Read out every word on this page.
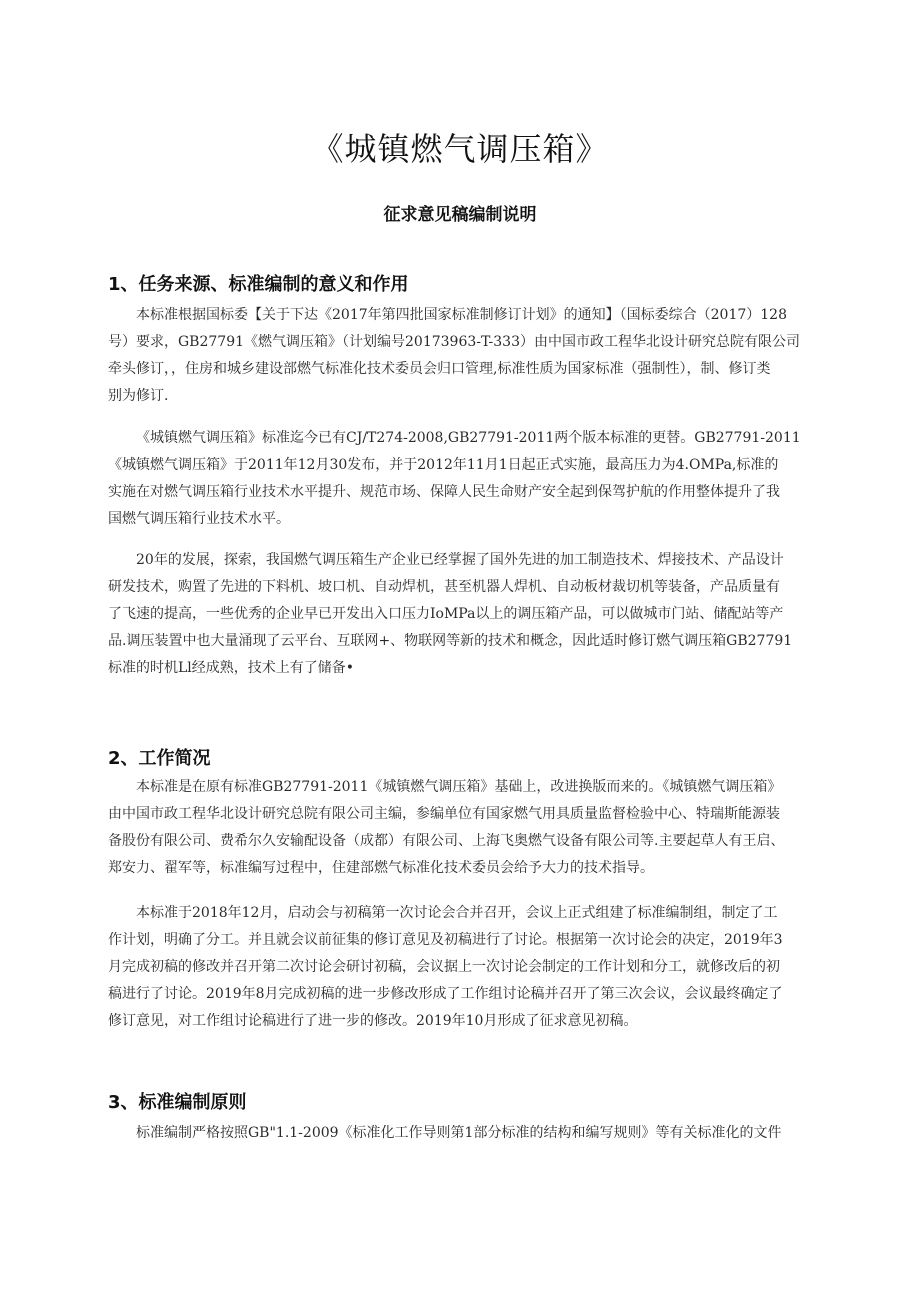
《城镇燃气调压箱》
征求意见稿编制说明
1、任务来源、标准编制的意义和作用

本标准根据国标委【关于下达《2017年第四批国家标准制修订计划》的通知】（国标委综合（2017）128
号）要求，GB27791《燃气调压箱》（计划编号20173963-T-333）由中国市政工程华北设计研究总院有限公司
牵头修订，，住房和城乡建设部燃气标准化技术委员会归口管理,标准性质为国家标准（强制性），制、修订类
别为修订.

《城镇燃气调压箱》标准迄今已有CJ/T274-2008,GB27791-2011两个版本标准的更替。GB27791-2011
《城镇燃气调压箱》于2011年12月30发布，并于2012年11月1日起正式实施，最高压力为4.OMPa,标准的
实施在对燃气调压箱行业技术水平提升、规范市场、保障人民生命财产安全起到保驾护航的作用整体提升了我
国燃气调压箱行业技术水平。

20年的发展，探索，我国燃气调压箱生产企业已经掌握了国外先进的加工制造技术、焊接技术、产品设计
研发技术，购置了先进的下料机、坡口机、自动焊机，甚至机器人焊机、自动板材裁切机等装备，产品质量有
了飞速的提高，一些优秀的企业早已开发出入口压力IoMPa以上的调压箱产品，可以做城市门站、储配站等产
品.调压装置中也大量涌现了云平台、互联网+、物联网等新的技术和概念，因此适时修订燃气调压箱GB27791
标准的时机Ll经成熟，技术上有了储备•

2、工作简况

本标准是在原有标准GB27791-2011《城镇燃气调压箱》基础上，改进换版而来的。《城镇燃气调压箱》
由中国市政工程华北设计研究总院有限公司主编，参编单位有国家燃气用具质量监督检验中心、特瑞斯能源装
备股份有限公司、费希尔久安输配设备（成都）有限公司、上海飞奥燃气设备有限公司等.主要起草人有王启、
郑安力、翟军等，标准编写过程中，住建部燃气标准化技术委员会给予大力的技术指导。

本标准于2018年12月，启动会与初稿第一次讨论会合并召开，会议上正式组建了标准编制组，制定了工
作计划，明确了分工。并且就会议前征集的修订意见及初稿进行了讨论。根据第一次讨论会的决定，2019年3
月完成初稿的修改并召开第二次讨论会研讨初稿，会议据上一次讨论会制定的工作计划和分工，就修改后的初
稿进行了讨论。2019年8月完成初稿的进一步修改形成了工作组讨论稿并召开了第三次会议，会议最终确定了
修订意见，对工作组讨论稿进行了进一步的修改。2019年10月形成了征求意见初稿。

3、标准编制原则

标准编制严格按照GB"1.1-2009《标准化工作导则第1部分标准的结构和编写规则》等有关标准化的文件
